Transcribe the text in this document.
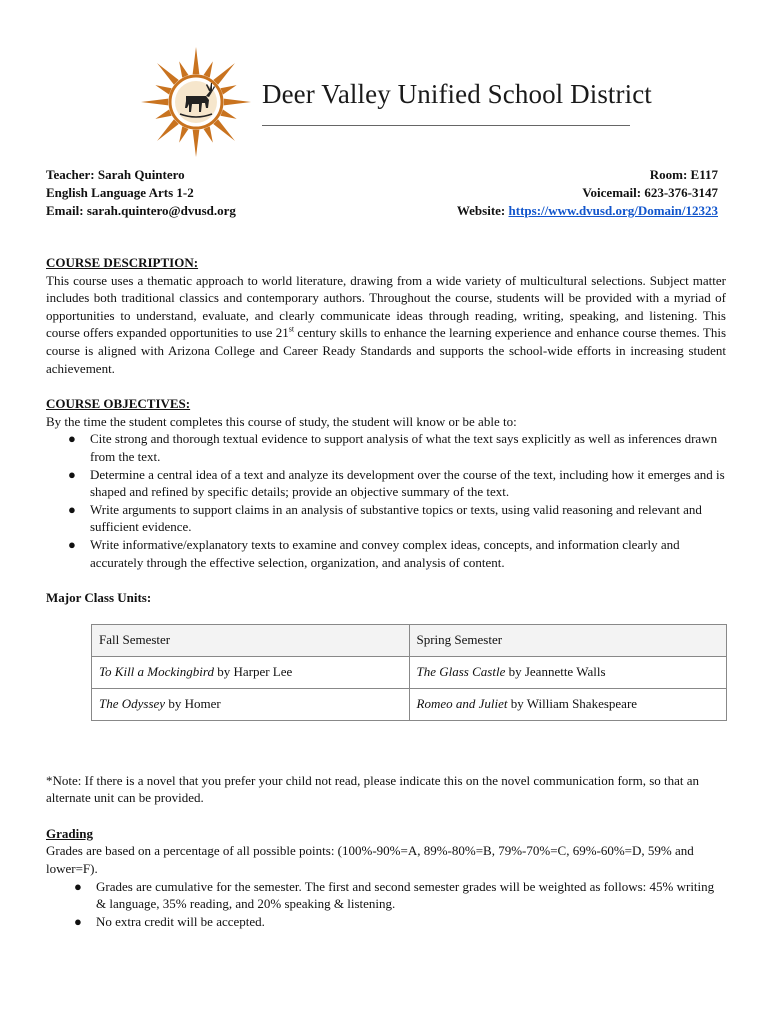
Deer Valley Unified School District
Teacher: Sarah Quintero
English Language Arts 1-2
Email: sarah.quintero@dvusd.org
Room: E117
Voicemail: 623-376-3147
Website: https://www.dvusd.org/Domain/12323
COURSE DESCRIPTION:

This course uses a thematic approach to world literature, drawing from a wide variety of multicultural selections. Subject matter includes both traditional classics and contemporary authors. Throughout the course, students will be provided with a myriad of opportunities to understand, evaluate, and clearly communicate ideas through reading, writing, speaking, and listening. This course offers expanded opportunities to use 21st century skills to enhance the learning experience and enhance course themes. This course is aligned with Arizona College and Career Ready Standards and supports the school-wide efforts in increasing student achievement.

COURSE OBJECTIVES:

By the time the student completes this course of study, the student will know or be able to:

● Cite strong and thorough textual evidence to support analysis of what the text says explicitly as well as inferences drawn from the text.
● Determine a central idea of a text and analyze its development over the course of the text, including how it emerges and is shaped and refined by specific details; provide an objective summary of the text.
● Write arguments to support claims in an analysis of substantive topics or texts, using valid reasoning and relevant and sufficient evidence.
● Write informative/explanatory texts to examine and convey complex ideas, concepts, and information clearly and accurately through the effective selection, organization, and analysis of content.
Major Class Units:
Fall Semester	Spring Semester
To Kill a Mockingbird by Harper Lee	The Glass Castle by Jeannette Walls
The Odyssey by Homer	Romeo and Juliet by William Shakespeare

*Note: If there is a novel that you prefer your child not read, please indicate this on the novel communication form, so that an alternate unit can be provided.

Grading

Grades are based on a percentage of all possible points: (100%-90%=A, 89%-80%=B, 79%-70%=C, 69%-60%=D, 59% and lower=F).

● Grades are cumulative for the semester. The first and second semester grades will be weighted as follows: 45% writing & language, 35% reading, and 20% speaking & listening.
● No extra credit will be accepted.
